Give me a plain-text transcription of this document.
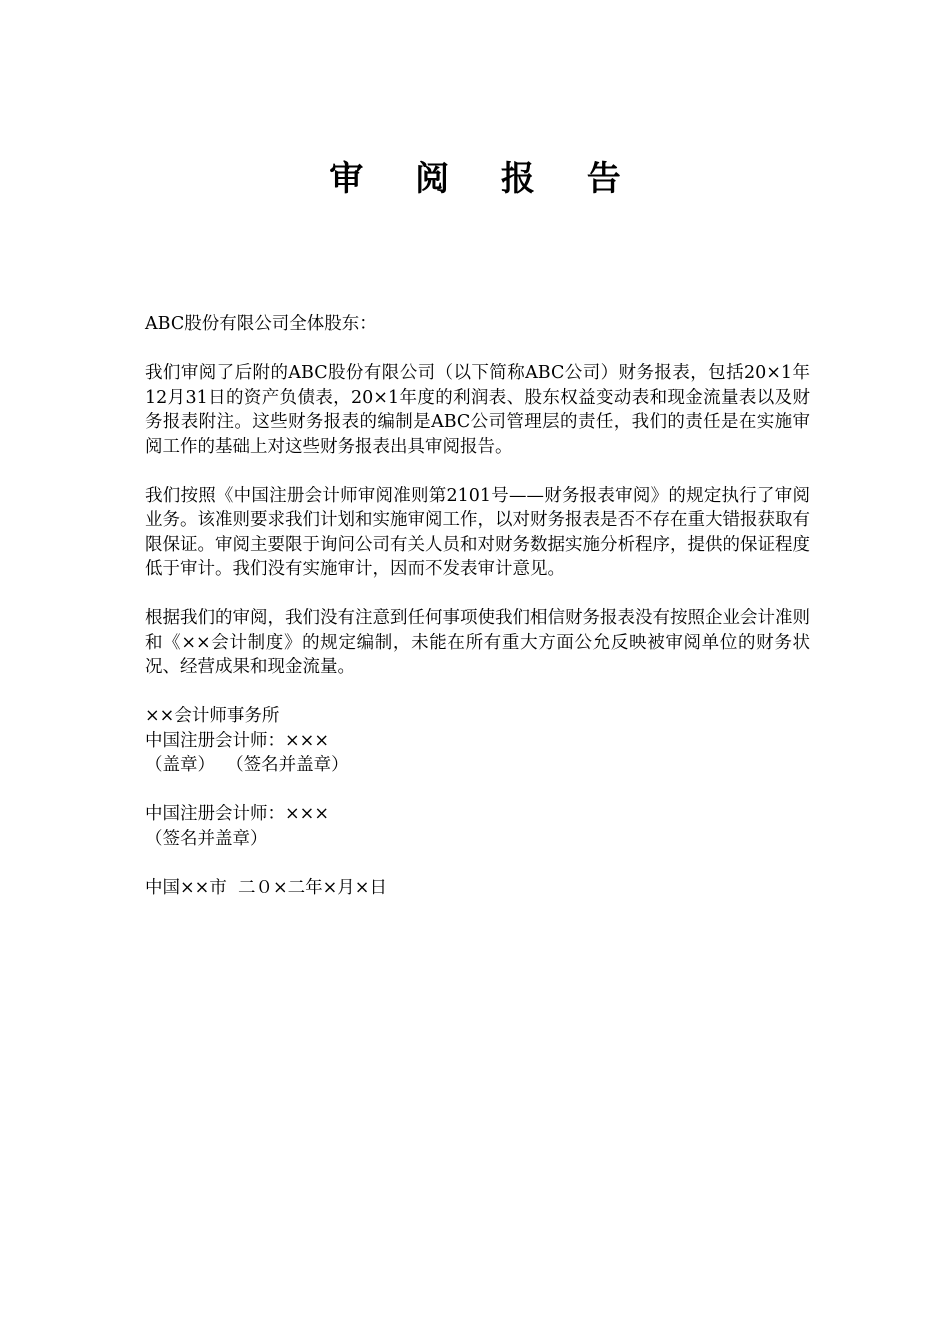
审 阅 报 告

ABC股份有限公司全体股东：

我们审阅了后附的ABC股份有限公司（以下简称ABC公司）财务报表，包括20×1年12月31日的资产负债表，20×1年度的利润表、股东权益变动表和现金流量表以及财务报表附注。这些财务报表的编制是ABC公司管理层的责任，我们的责任是在实施审阅工作的基础上对这些财务报表出具审阅报告。

我们按照《中国注册会计师审阅准则第2101号——财务报表审阅》的规定执行了审阅业务。该准则要求我们计划和实施审阅工作，以对财务报表是否不存在重大错报获取有限保证。审阅主要限于询问公司有关人员和对财务数据实施分析程序，提供的保证程度低于审计。我们没有实施审计，因而不发表审计意见。

根据我们的审阅，我们没有注意到任何事项使我们相信财务报表没有按照企业会计准则和《××会计制度》的规定编制，未能在所有重大方面公允反映被审阅单位的财务状况、经营成果和现金流量。

××会计师事务所

中国注册会计师：×××

（盖章）  （签名并盖章）

中国注册会计师：×××

（签名并盖章）

中国××市  二０×二年×月×日
